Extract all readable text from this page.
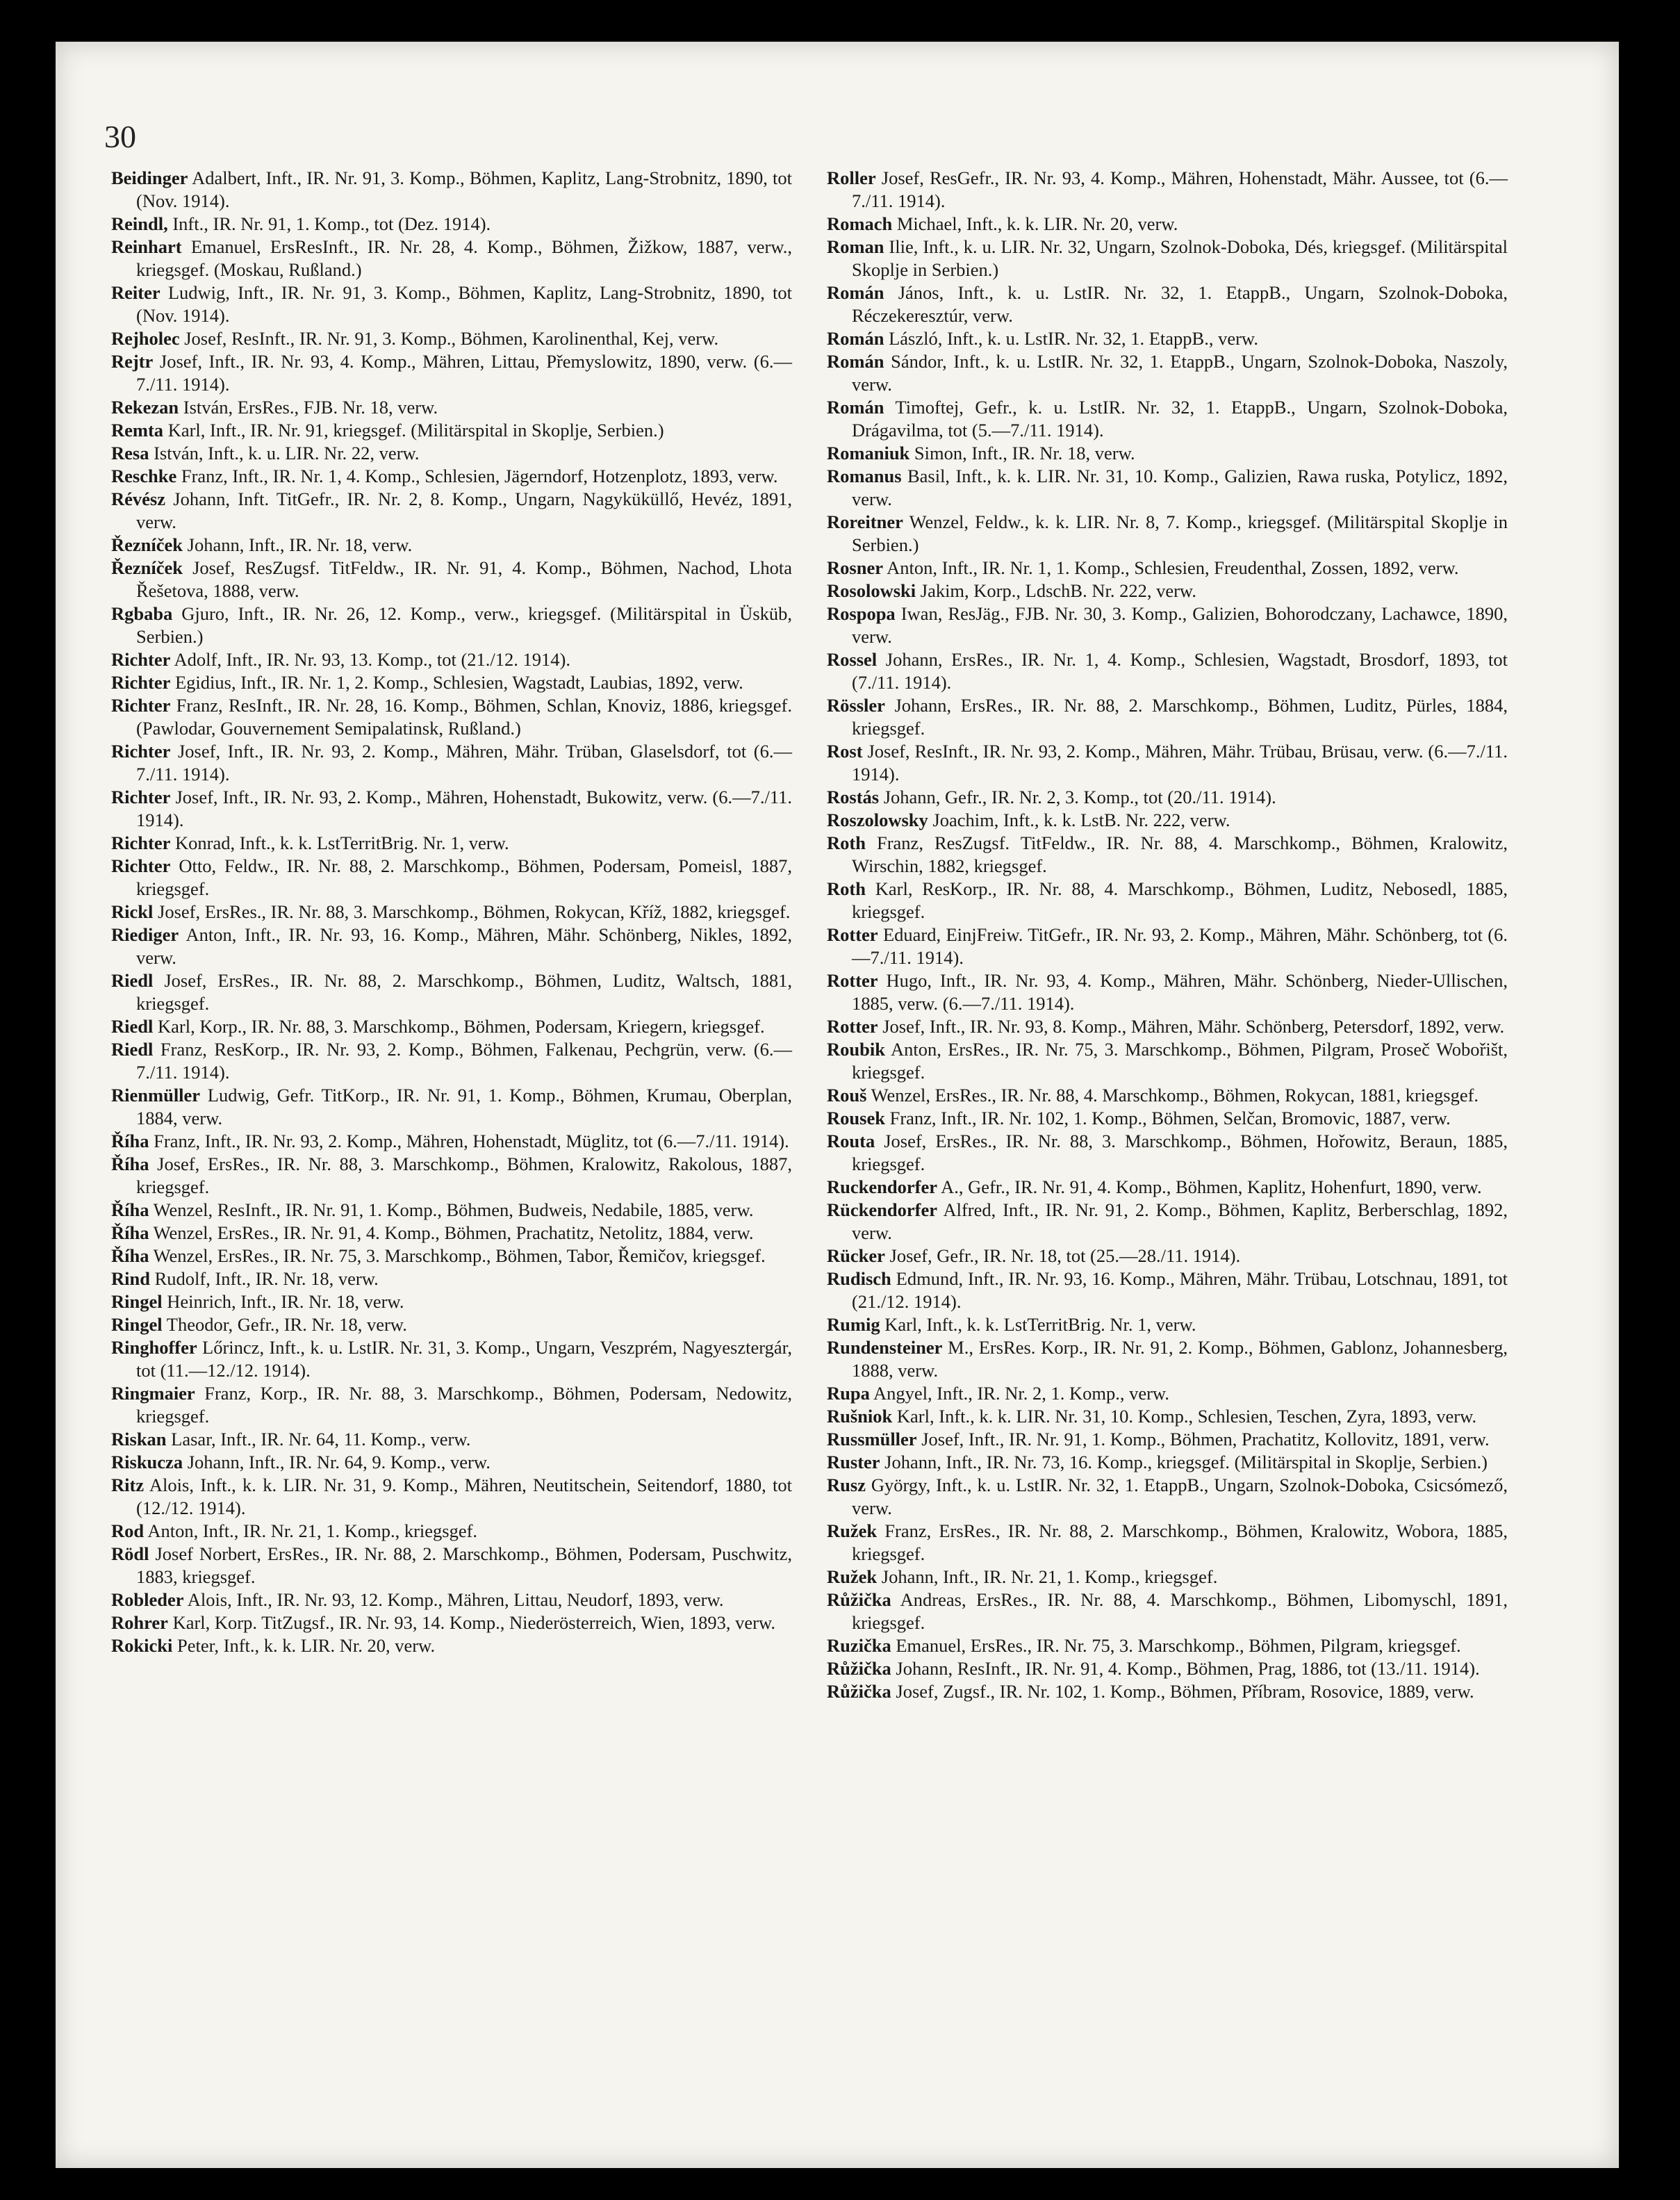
30

Beidinger Adalbert, Inft., IR. Nr. 91, 3. Komp., Böhmen, Kaplitz, Lang-Strobnitz, 1890, tot (Nov. 1914).

Reindl, Inft., IR. Nr. 91, 1. Komp., tot (Dez. 1914).

Reinhart Emanuel, ErsResInft., IR. Nr. 28, 4. Komp., Böhmen, Žižkow, 1887, verw., kriegsgef. (Moskau, Rußland.)

Reiter Ludwig, Inft., IR. Nr. 91, 3. Komp., Böhmen, Kaplitz, Lang-Strobnitz, 1890, tot (Nov. 1914).

Rejholec Josef, ResInft., IR. Nr. 91, 3. Komp., Böhmen, Karolinenthal, Kej, verw.

Rejtr Josef, Inft., IR. Nr. 93, 4. Komp., Mähren, Littau, Přemyslowitz, 1890, verw. (6.—7./11. 1914).

Rekezan István, ErsRes., FJB. Nr. 18, verw.

Remta Karl, Inft., IR. Nr. 91, kriegsgef. (Militärspital in Skoplje, Serbien.)

Resa István, Inft., k. u. LIR. Nr. 22, verw.

Reschke Franz, Inft., IR. Nr. 1, 4. Komp., Schlesien, Jägerndorf, Hotzenplotz, 1893, verw.

Révész Johann, Inft. TitGefr., IR. Nr. 2, 8. Komp., Ungarn, Nagyküküllő, Hevéz, 1891, verw.

Řezníček Johann, Inft., IR. Nr. 18, verw.

Řezníček Josef, ResZugsf. TitFeldw., IR. Nr. 91, 4. Komp., Böhmen, Nachod, Lhota Řešetova, 1888, verw.

Rgbaba Gjuro, Inft., IR. Nr. 26, 12. Komp., verw., kriegsgef. (Militärspital in Üsküb, Serbien.)

Richter Adolf, Inft., IR. Nr. 93, 13. Komp., tot (21./12. 1914).

Richter Egidius, Inft., IR. Nr. 1, 2. Komp., Schlesien, Wagstadt, Laubias, 1892, verw.

Richter Franz, ResInft., IR. Nr. 28, 16. Komp., Böhmen, Schlan, Knoviz, 1886, kriegsgef. (Pawlodar, Gouvernement Semipalatinsk, Rußland.)

Richter Josef, Inft., IR. Nr. 93, 2. Komp., Mähren, Mähr. Trüban, Glaselsdorf, tot (6.—7./11. 1914).

Richter Josef, Inft., IR. Nr. 93, 2. Komp., Mähren, Hohenstadt, Bukowitz, verw. (6.—7./11. 1914).

Richter Konrad, Inft., k. k. LstTerritBrig. Nr. 1, verw.

Richter Otto, Feldw., IR. Nr. 88, 2. Marschkomp., Böhmen, Podersam, Pomeisl, 1887, kriegsgef.

Rickl Josef, ErsRes., IR. Nr. 88, 3. Marschkomp., Böhmen, Rokycan, Kříž, 1882, kriegsgef.

Riediger Anton, Inft., IR. Nr. 93, 16. Komp., Mähren, Mähr. Schönberg, Nikles, 1892, verw.

Riedl Josef, ErsRes., IR. Nr. 88, 2. Marschkomp., Böhmen, Luditz, Waltsch, 1881, kriegsgef.

Riedl Karl, Korp., IR. Nr. 88, 3. Marschkomp., Böhmen, Podersam, Kriegern, kriegsgef.

Riedl Franz, ResKorp., IR. Nr. 93, 2. Komp., Böhmen, Falkenau, Pechgrün, verw. (6.—7./11. 1914).

Rienmüller Ludwig, Gefr. TitKorp., IR. Nr. 91, 1. Komp., Böhmen, Krumau, Oberplan, 1884, verw.

Říha Franz, Inft., IR. Nr. 93, 2. Komp., Mähren, Hohenstadt, Müglitz, tot (6.—7./11. 1914).

Říha Josef, ErsRes., IR. Nr. 88, 3. Marschkomp., Böhmen, Kralowitz, Rakolous, 1887, kriegsgef.

Říha Wenzel, ResInft., IR. Nr. 91, 1. Komp., Böhmen, Budweis, Nedabile, 1885, verw.

Říha Wenzel, ErsRes., IR. Nr. 91, 4. Komp., Böhmen, Prachatitz, Netolitz, 1884, verw.

Říha Wenzel, ErsRes., IR. Nr. 75, 3. Marschkomp., Böhmen, Tabor, Řemičov, kriegsgef.

Rind Rudolf, Inft., IR. Nr. 18, verw.

Ringel Heinrich, Inft., IR. Nr. 18, verw.

Ringel Theodor, Gefr., IR. Nr. 18, verw.

Ringhoffer Lőrincz, Inft., k. u. LstIR. Nr. 31, 3. Komp., Ungarn, Veszprém, Nagyesztergár, tot (11.—12./12. 1914).

Ringmaier Franz, Korp., IR. Nr. 88, 3. Marschkomp., Böhmen, Podersam, Nedowitz, kriegsgef.

Riskan Lasar, Inft., IR. Nr. 64, 11. Komp., verw.

Riskucza Johann, Inft., IR. Nr. 64, 9. Komp., verw.

Ritz Alois, Inft., k. k. LIR. Nr. 31, 9. Komp., Mähren, Neutitschein, Seitendorf, 1880, tot (12./12. 1914).

Rod Anton, Inft., IR. Nr. 21, 1. Komp., kriegsgef.

Rödl Josef Norbert, ErsRes., IR. Nr. 88, 2. Marschkomp., Böhmen, Podersam, Puschwitz, 1883, kriegsgef.

Robleder Alois, Inft., IR. Nr. 93, 12. Komp., Mähren, Littau, Neudorf, 1893, verw.

Rohrer Karl, Korp. TitZugsf., IR. Nr. 93, 14. Komp., Niederösterreich, Wien, 1893, verw.

Rokicki Peter, Inft., k. k. LIR. Nr. 20, verw.

Roller Josef, ResGefr., IR. Nr. 93, 4. Komp., Mähren, Hohenstadt, Mähr. Aussee, tot (6.—7./11. 1914).

Romach Michael, Inft., k. k. LIR. Nr. 20, verw.

Roman Ilie, Inft., k. u. LIR. Nr. 32, Ungarn, Szolnok-Doboka, Dés, kriegsgef. (Militärspital Skoplje in Serbien.)

Román János, Inft., k. u. LstIR. Nr. 32, 1. EtappB., Ungarn, Szolnok-Doboka, Réczekeresztúr, verw.

Román László, Inft., k. u. LstIR. Nr. 32, 1. EtappB., verw.

Román Sándor, Inft., k. u. LstIR. Nr. 32, 1. EtappB., Ungarn, Szolnok-Doboka, Naszoly, verw.

Román Timoftej, Gefr., k. u. LstIR. Nr. 32, 1. EtappB., Ungarn, Szolnok-Doboka, Drágavilma, tot (5.—7./11. 1914).

Romaniuk Simon, Inft., IR. Nr. 18, verw.

Romanus Basil, Inft., k. k. LIR. Nr. 31, 10. Komp., Galizien, Rawa ruska, Potylicz, 1892, verw.

Roreitner Wenzel, Feldw., k. k. LIR. Nr. 8, 7. Komp., kriegsgef. (Militärspital Skoplje in Serbien.)

Rosner Anton, Inft., IR. Nr. 1, 1. Komp., Schlesien, Freudenthal, Zossen, 1892, verw.

Rosolowski Jakim, Korp., LdschB. Nr. 222, verw.

Rospopa Iwan, ResJäg., FJB. Nr. 30, 3. Komp., Galizien, Bohorodczany, Lachawce, 1890, verw.

Rossel Johann, ErsRes., IR. Nr. 1, 4. Komp., Schlesien, Wagstadt, Brosdorf, 1893, tot (7./11. 1914).

Rössler Johann, ErsRes., IR. Nr. 88, 2. Marschkomp., Böhmen, Luditz, Pürles, 1884, kriegsgef.

Rost Josef, ResInft., IR. Nr. 93, 2. Komp., Mähren, Mähr. Trübau, Brüsau, verw. (6.—7./11. 1914).

Rostás Johann, Gefr., IR. Nr. 2, 3. Komp., tot (20./11. 1914).

Roszolowsky Joachim, Inft., k. k. LstB. Nr. 222, verw.

Roth Franz, ResZugsf. TitFeldw., IR. Nr. 88, 4. Marschkomp., Böhmen, Kralowitz, Wirschin, 1882, kriegsgef.

Roth Karl, ResKorp., IR. Nr. 88, 4. Marschkomp., Böhmen, Luditz, Nebosedl, 1885, kriegsgef.

Rotter Eduard, EinjFreiw. TitGefr., IR. Nr. 93, 2. Komp., Mähren, Mähr. Schönberg, tot (6.—7./11. 1914).

Rotter Hugo, Inft., IR. Nr. 93, 4. Komp., Mähren, Mähr. Schönberg, Nieder-Ullischen, 1885, verw. (6.—7./11. 1914).

Rotter Josef, Inft., IR. Nr. 93, 8. Komp., Mähren, Mähr. Schönberg, Petersdorf, 1892, verw.

Roubik Anton, ErsRes., IR. Nr. 75, 3. Marschkomp., Böhmen, Pilgram, Proseč Wobořišt, kriegsgef.

Rouš Wenzel, ErsRes., IR. Nr. 88, 4. Marschkomp., Böhmen, Rokycan, 1881, kriegsgef.

Rousek Franz, Inft., IR. Nr. 102, 1. Komp., Böhmen, Selčan, Bromovic, 1887, verw.

Routa Josef, ErsRes., IR. Nr. 88, 3. Marschkomp., Böhmen, Hořowitz, Beraun, 1885, kriegsgef.

Ruckendorfer A., Gefr., IR. Nr. 91, 4. Komp., Böhmen, Kaplitz, Hohenfurt, 1890, verw.

Rückendorfer Alfred, Inft., IR. Nr. 91, 2. Komp., Böhmen, Kaplitz, Berberschlag, 1892, verw.

Rücker Josef, Gefr., IR. Nr. 18, tot (25.—28./11. 1914).

Rudisch Edmund, Inft., IR. Nr. 93, 16. Komp., Mähren, Mähr. Trübau, Lotschnau, 1891, tot (21./12. 1914).

Rumig Karl, Inft., k. k. LstTerritBrig. Nr. 1, verw.

Rundensteiner M., ErsRes. Korp., IR. Nr. 91, 2. Komp., Böhmen, Gablonz, Johannesberg, 1888, verw.

Rupa Angyel, Inft., IR. Nr. 2, 1. Komp., verw.

Rušniok Karl, Inft., k. k. LIR. Nr. 31, 10. Komp., Schlesien, Teschen, Zyra, 1893, verw.

Russmüller Josef, Inft., IR. Nr. 91, 1. Komp., Böhmen, Prachatitz, Kollovitz, 1891, verw.

Ruster Johann, Inft., IR. Nr. 73, 16. Komp., kriegsgef. (Militärspital in Skoplje, Serbien.)

Rusz György, Inft., k. u. LstIR. Nr. 32, 1. EtappB., Ungarn, Szolnok-Doboka, Csicsómező, verw.

Ružek Franz, ErsRes., IR. Nr. 88, 2. Marschkomp., Böhmen, Kralowitz, Wobora, 1885, kriegsgef.

Ružek Johann, Inft., IR. Nr. 21, 1. Komp., kriegsgef.

Růžička Andreas, ErsRes., IR. Nr. 88, 4. Marschkomp., Böhmen, Libomyschl, 1891, kriegsgef.

Ruzička Emanuel, ErsRes., IR. Nr. 75, 3. Marschkomp., Böhmen, Pilgram, kriegsgef.

Růžička Johann, ResInft., IR. Nr. 91, 4. Komp., Böhmen, Prag, 1886, tot (13./11. 1914).

Růžička Josef, Zugsf., IR. Nr. 102, 1. Komp., Böhmen, Příbram, Rosovice, 1889, verw.
